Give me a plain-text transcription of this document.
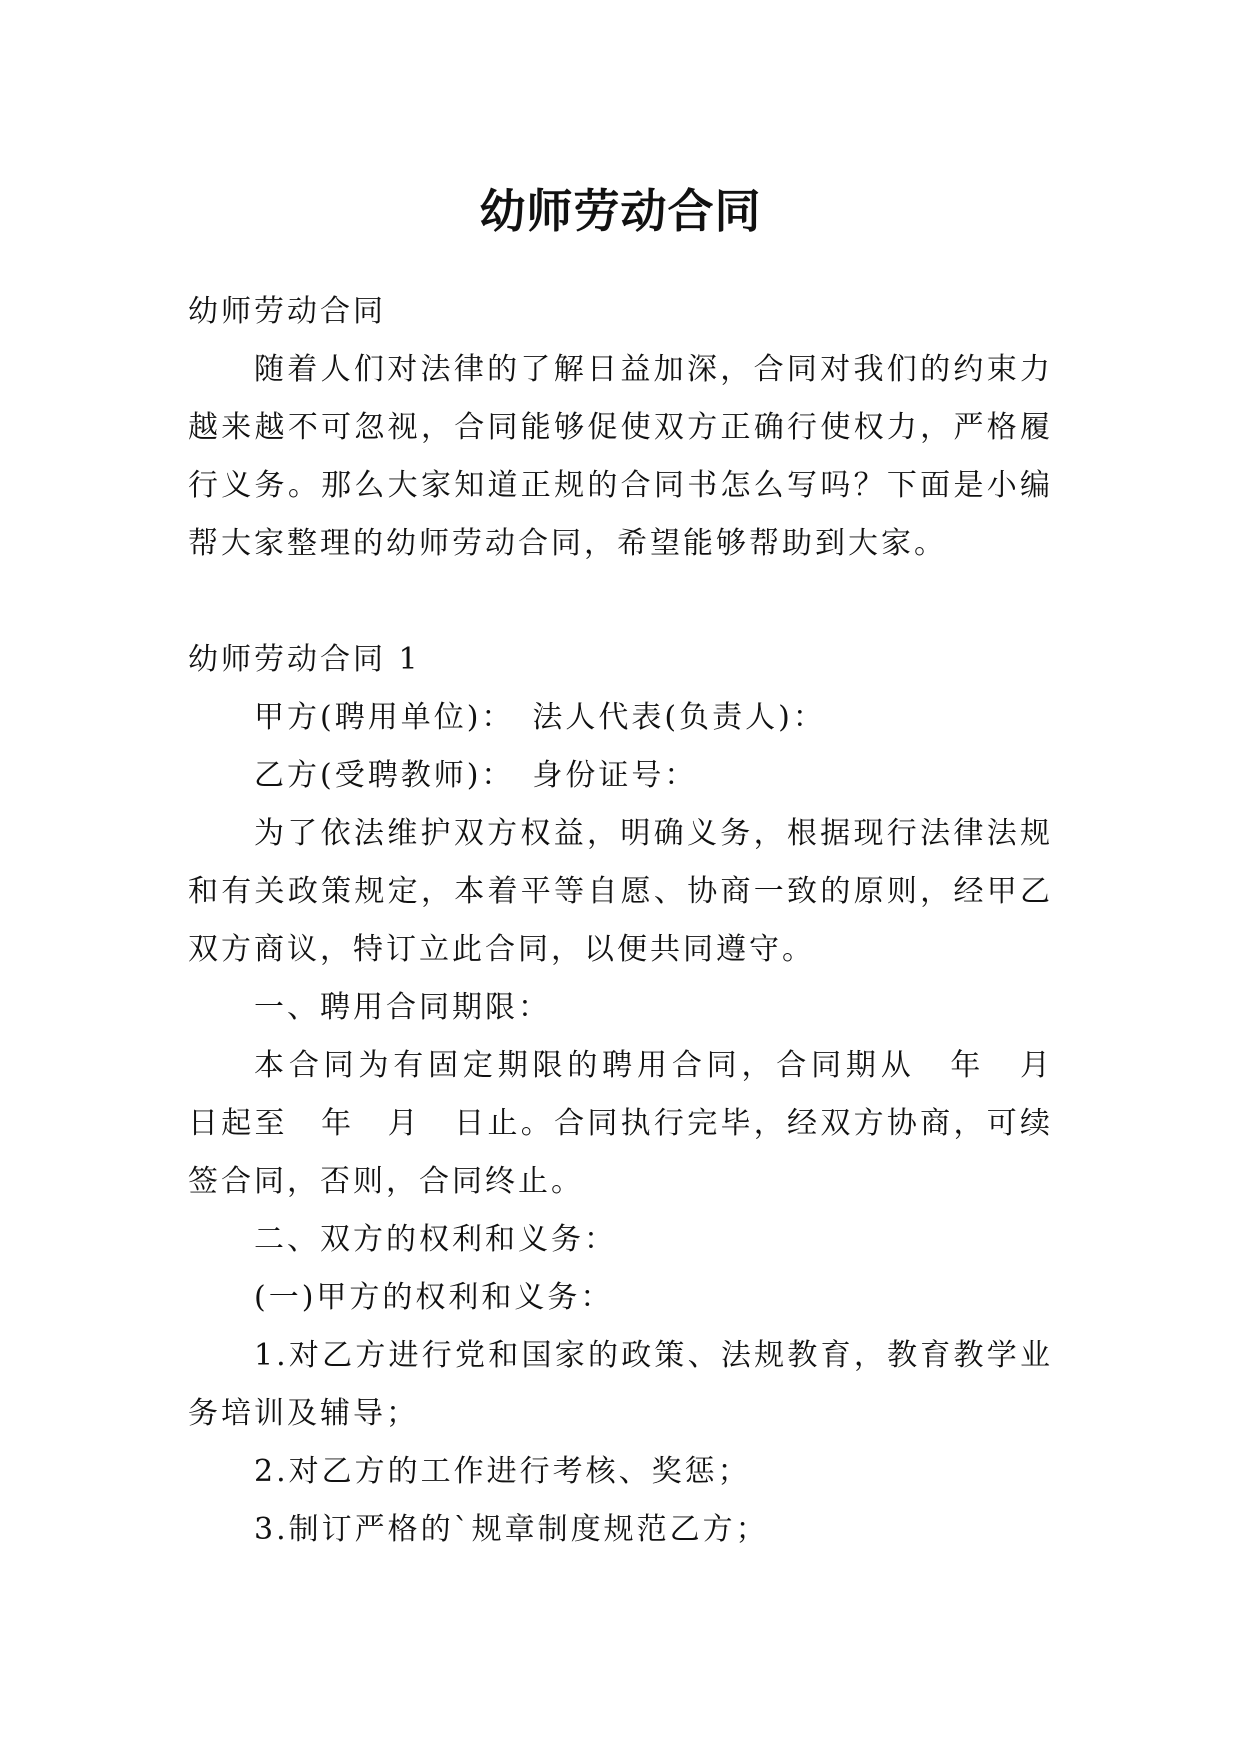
幼师劳动合同

幼师劳动合同

随着人们对法律的了解日益加深，合同对我们的约束力越来越不可忽视，合同能够促使双方正确行使权力，严格履行义务。那么大家知道正规的合同书怎么写吗？下面是小编帮大家整理的幼师劳动合同，希望能够帮助到大家。

幼师劳动合同 1

甲方(聘用单位)：　法人代表(负责人)：

乙方(受聘教师)：　身份证号：

为了依法维护双方权益，明确义务，根据现行法律法规和有关政策规定，本着平等自愿、协商一致的原则，经甲乙双方商议，特订立此合同，以便共同遵守。

一、聘用合同期限：

本合同为有固定期限的聘用合同，合同期从　年　月　日起至　年　月　日止。合同执行完毕，经双方协商，可续签合同，否则，合同终止。

二、双方的权利和义务：

(一)甲方的权利和义务：

1.对乙方进行党和国家的政策、法规教育，教育教学业务培训及辅导；

2.对乙方的工作进行考核、奖惩；

3.制订严格的`规章制度规范乙方；
